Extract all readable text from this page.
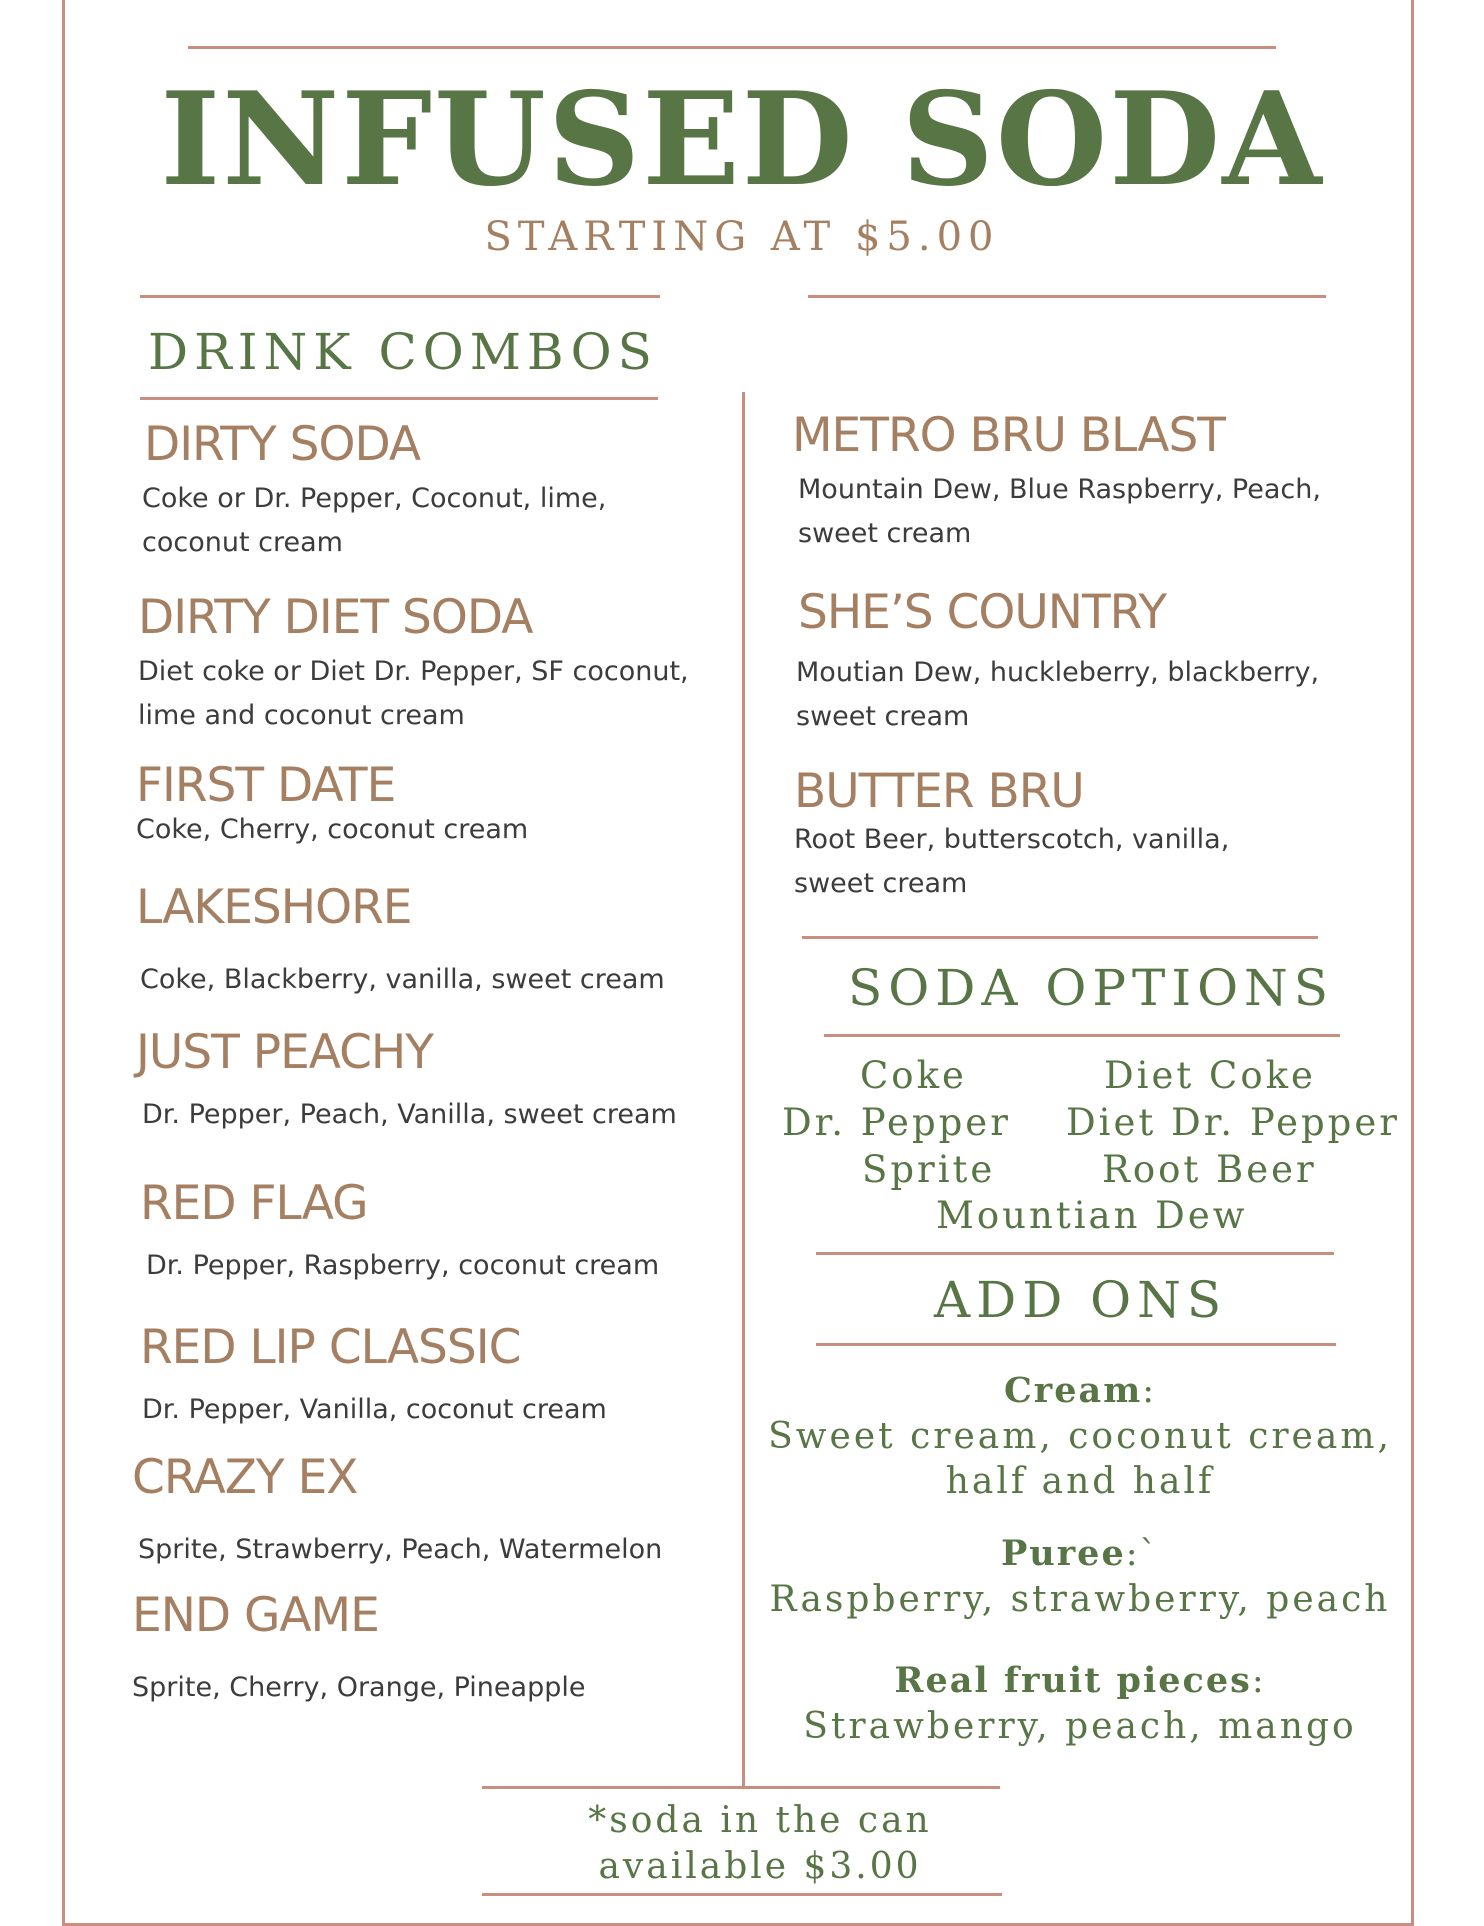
INFUSED SODA
STARTING AT $5.00
DRINK COMBOS
DIRTY SODA
Coke or Dr. Pepper, Coconut, lime,
coconut cream
DIRTY DIET SODA
Diet coke or Diet Dr. Pepper, SF coconut,
lime and coconut cream
FIRST DATE
Coke, Cherry, coconut cream
LAKESHORE
Coke, Blackberry, vanilla, sweet cream
JUST PEACHY
Dr. Pepper, Peach, Vanilla, sweet cream
RED FLAG
Dr. Pepper, Raspberry, coconut cream
RED LIP CLASSIC
Dr. Pepper, Vanilla, coconut cream
CRAZY EX
Sprite, Strawberry, Peach, Watermelon
END GAME
Sprite, Cherry, Orange, Pineapple
METRO BRU BLAST
Mountain Dew, Blue Raspberry, Peach,
sweet cream
SHE’S COUNTRY
Moutian Dew, huckleberry, blackberry,
sweet cream
BUTTER BRU
Root Beer, butterscotch, vanilla,
sweet cream
SODA OPTIONS
Coke	Diet Coke
Dr. Pepper Diet Dr. Pepper
Sprite	Root Beer
Mountian Dew
ADD ONS
Cream:
Sweet cream, coconut cream,
half and half
Puree:`
Raspberry, strawberry, peach
Real fruit pieces:
Strawberry, peach, mango
*soda in the can
available $3.00
